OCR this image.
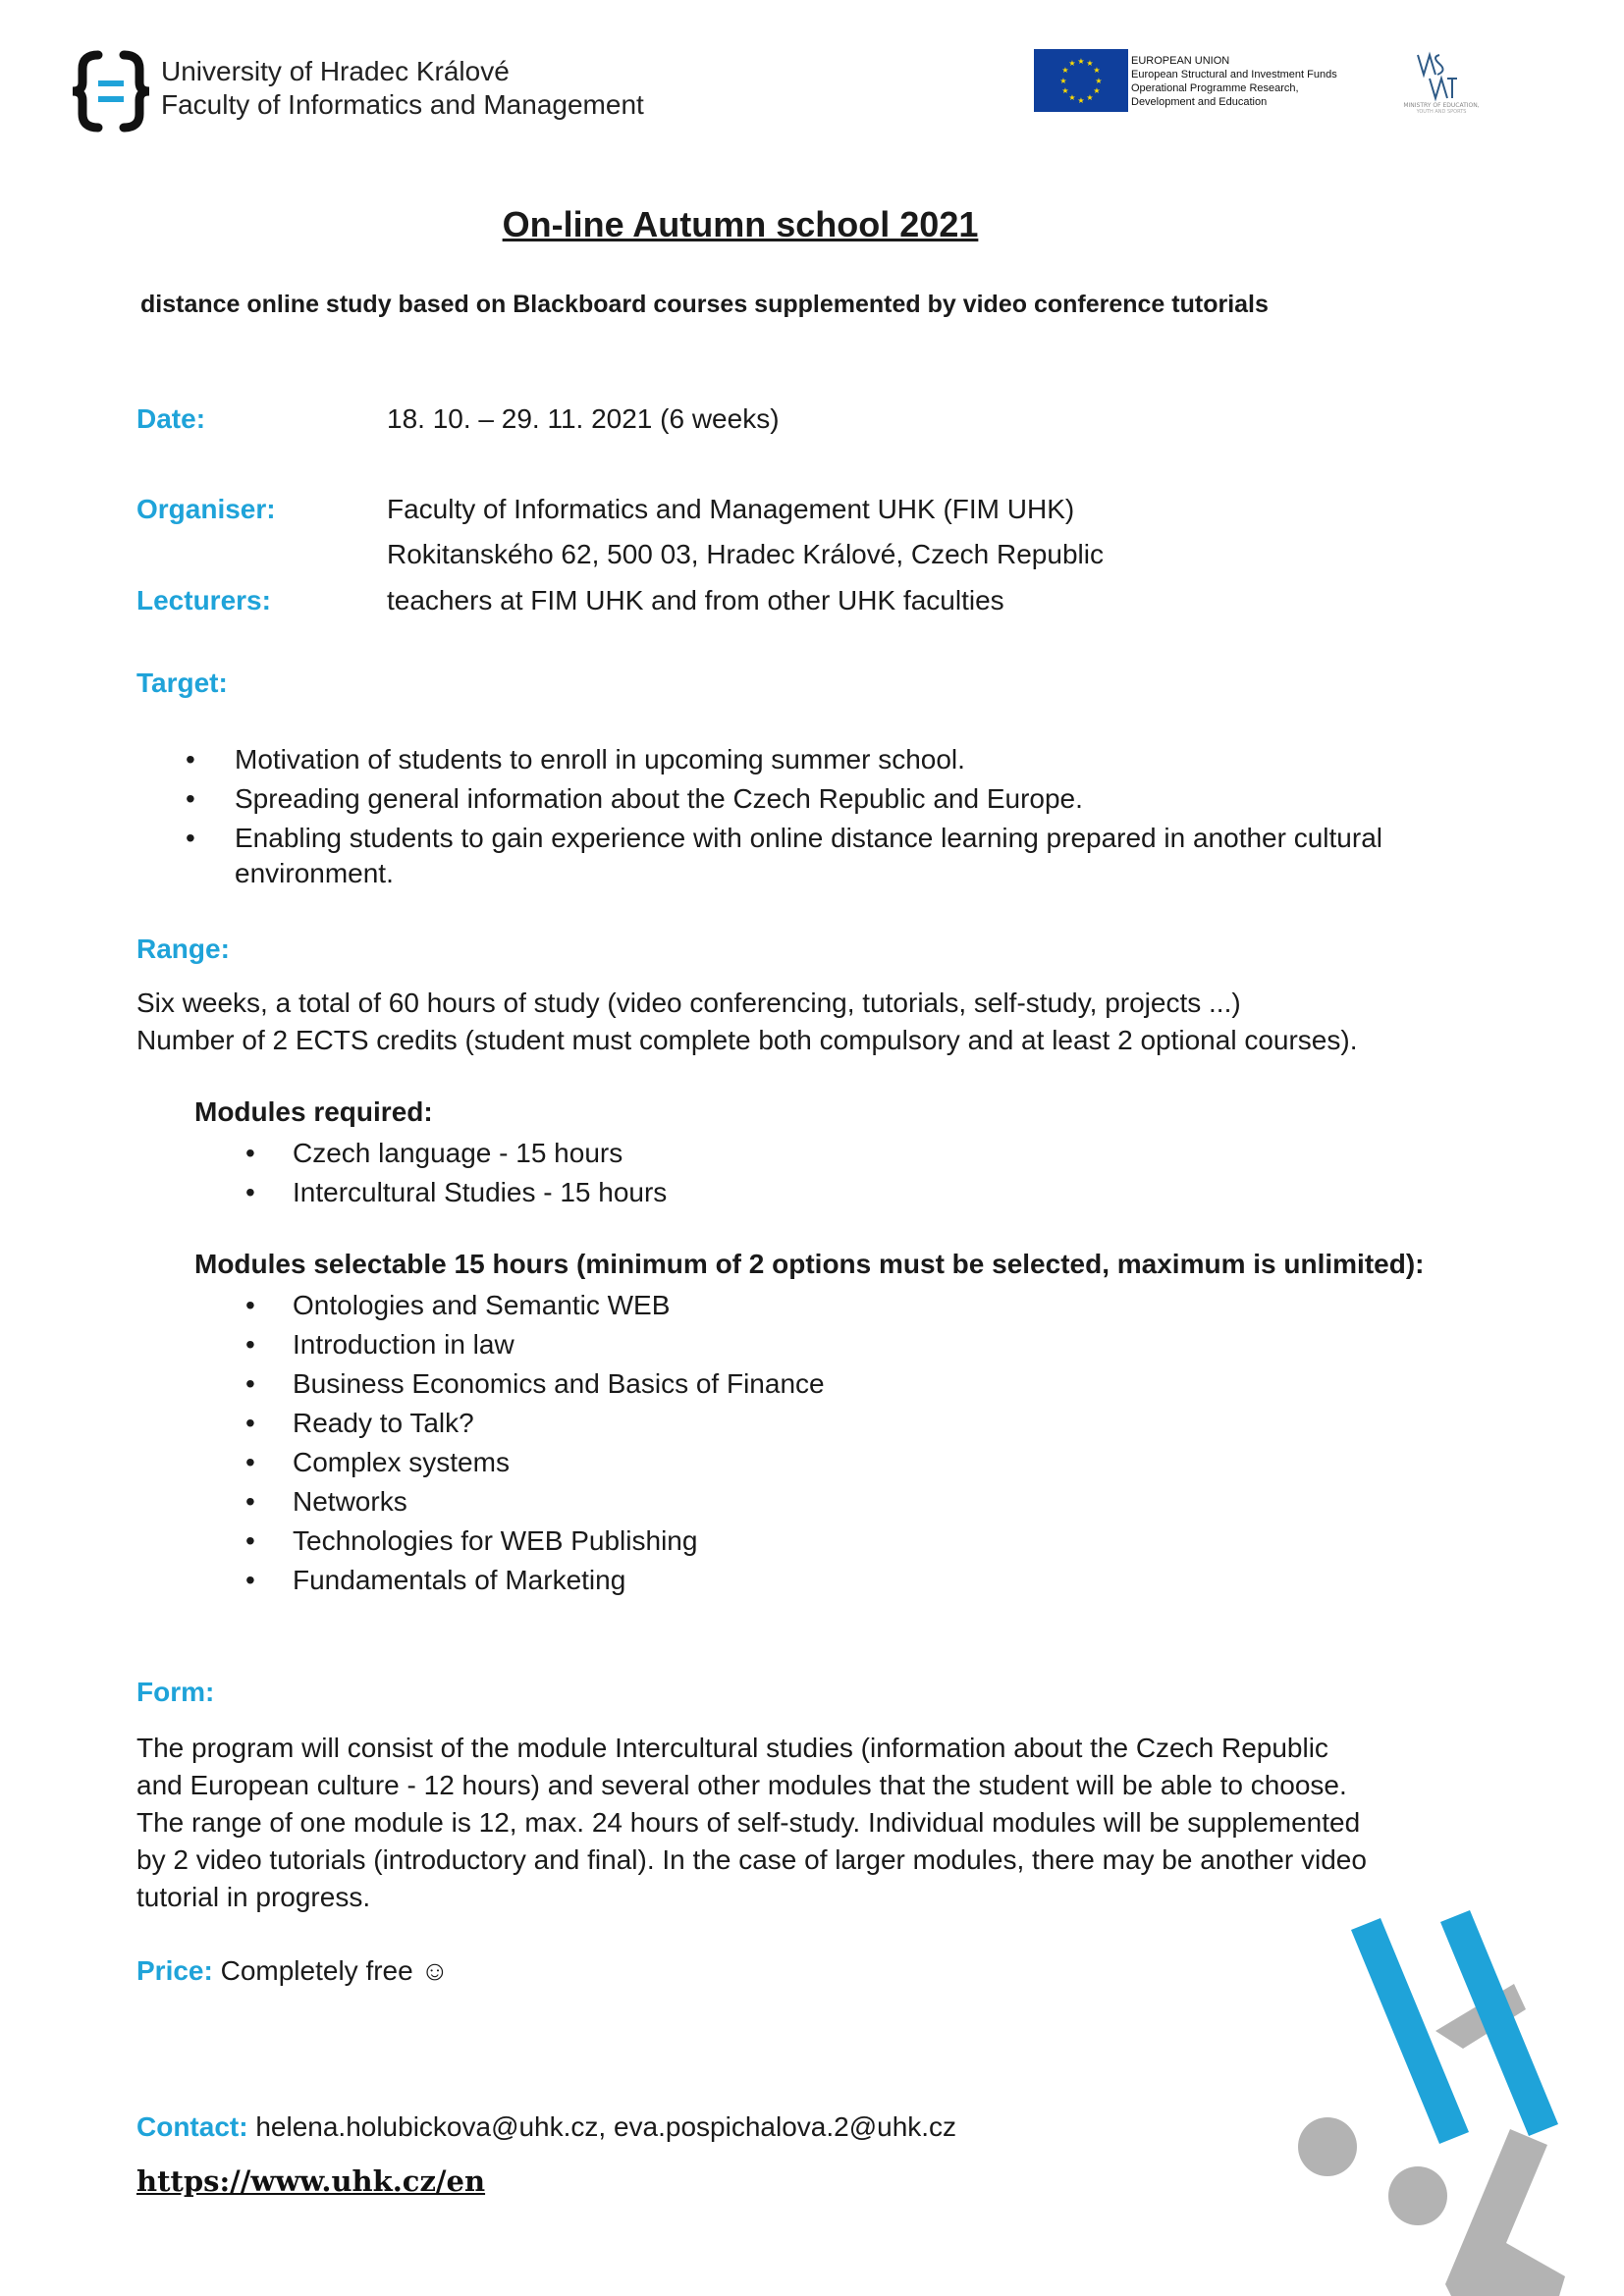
University of Hradec Králové
Faculty of Informatics and Management
★ ★
★
★
★
★
★
★
★
★
★
★	EUROPEAN UNION
European Structural and Investment Funds
Operational Programme Research,
Development and Education	MINISTRY OF EDUCATION,
YOUTH AND SPORTS
On-line Autumn school 2021
distance online study based on Blackboard courses supplemented by video conference tutorials
Date:	18. 10. – 29. 11. 2021 (6 weeks)
Organiser:	Faculty of Informatics and Management UHK (FIM UHK)
Rokitanského 62, 500 03, Hradec Králové, Czech Republic
Lecturers:	teachers at FIM UHK and from other UHK faculties
Target:
• Motivation of students to enroll in upcoming summer school.
• Spreading general information about the Czech Republic and Europe.
• Enabling students to gain experience with online distance learning prepared in another cultural
environment.
Range:
Six weeks, a total of 60 hours of study (video conferencing, tutorials, self-study, projects ...)
Number of 2 ECTS credits (student must complete both compulsory and at least 2 optional courses).
Modules required:
• Czech language - 15 hours
• Intercultural Studies - 15 hours
Modules selectable 15 hours (minimum of 2 options must be selected, maximum is unlimited):
• Ontologies and Semantic WEB
• Introduction in law
• Business Economics and Basics of Finance
• Ready to Talk?
• Complex systems
• Networks
• Technologies for WEB Publishing
• Fundamentals of Marketing
Form:
The program will consist of the module Intercultural studies (information about the Czech Republic
and European culture - 12 hours) and several other modules that the student will be able to choose.
The range of one module is 12, max. 24 hours of self-study. Individual modules will be supplemented
by 2 video tutorials (introductory and final). In the case of larger modules, there may be another video
tutorial in progress.
Price: Completely free ☺
Contact: helena.holubickova@uhk.cz, eva.pospichalova.2@uhk.cz
https://www.uhk.cz/en
